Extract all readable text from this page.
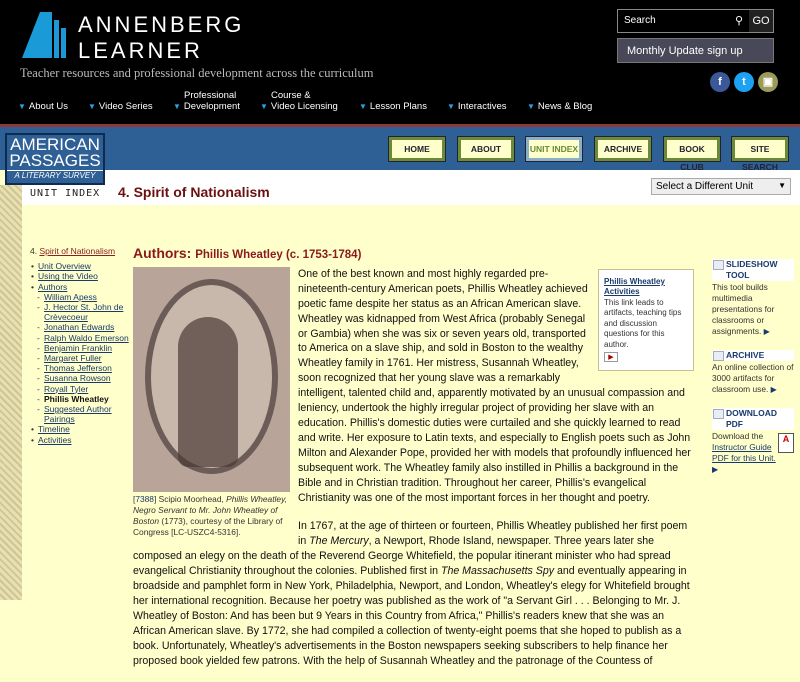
ANNENBERG
LEARNER
Teacher resources and professional development across the curriculum
Search	⚲ GO
Monthly Update sign up
f	t	▣
▼ About Us	▼ Video Series
Professional
▼ Development
Course &
▼ Video Licensing	▼ Lesson Plans	▼ Interactives	▼ News & Blog
AMERICAN
PASSAGES
A LITERARY SURVEY
HOME	ABOUT	UNIT INDEX	ARCHIVE	BOOK CLUB
SITE SEARCH
UNIT INDEX 4. Spirit of Nationalism	Select a Different Unit	▼
4. Spirit of Nationalism
• Unit Overview
• Using the Video
• Authors
- William Apess
- J. Hector St. John de Crèvecoeur
- Jonathan Edwards
- Ralph Waldo Emerson
- Benjamin Franklin
- Margaret Fuller
- Thomas Jefferson
- Susanna Rowson
- Royall Tyler
- Phillis Wheatley
- Suggested Author Pairings
• Timeline
• Activities
Authors: Phillis Wheatley (c. 1753-1784)
[7388] Scipio Moorhead, Phillis Wheatley, Negro Servant to Mr. John Wheatley of Boston (1773), courtesy of the Library of Congress [LC-USZC4-5316].
Phillis Wheatley Activities
This link leads to artifacts, teaching tips and discussion questions for this author.
▶

One of the best known and most highly regarded pre-nineteenth-century American poets, Phillis Wheatley achieved poetic fame despite her status as an African American slave. Wheatley was kidnapped from West Africa (probably Senegal or Gambia) when she was six or seven years old, transported to America on a slave ship, and sold in Boston to the wealthy Wheatley family in 1761. Her mistress, Susannah Wheatley, soon recognized that her young slave was a remarkably intelligent, talented child and, apparently motivated by an unusual compassion and leniency, undertook the highly irregular project of providing her slave with an education. Phillis's domestic duties were curtailed and she quickly learned to read and write. Her exposure to Latin texts, and especially to English poets such as John Milton and Alexander Pope, provided her with models that profoundly influenced her subsequent work. The Wheatley family also instilled in Phillis a background in the Bible and in Christian tradition. Throughout her career, Phillis's evangelical Christianity was one of the most important forces in her thought and poetry.

In 1767, at the age of thirteen or fourteen, Phillis Wheatley published her first poem in The Mercury, a Newport, Rhode Island, newspaper. Three years later she composed an elegy on the death of the Reverend George Whitefield, the popular itinerant minister who had spread evangelical Christianity throughout the colonies. Published first in The Massachusetts Spy and eventually appearing in broadside and pamphlet form in New York, Philadelphia, Newport, and London, Wheatley's elegy for Whitefield brought her international recognition. Because her poetry was published as the work of "a Servant Girl . . . Belonging to Mr. J. Wheatley of Boston: And has been but 9 Years in this Country from Africa," Phillis's readers knew that she was an African American slave. By 1772, she had compiled a collection of twenty-eight poems that she hoped to publish as a book. Unfortunately, Wheatley's advertisements in the Boston newspapers seeking subscribers to help finance her proposed book yielded few patrons. With the help of Susannah Wheatley and the patronage of the Countess of

SLIDESHOW TOOL
This tool builds multimedia presentations for classrooms or assignments. ▶
ARCHIVE
An online collection of 3000 artifacts for classroom use. ▶
DOWNLOAD PDF
A
Download the
Instructor Guide PDF for this Unit.
▶
